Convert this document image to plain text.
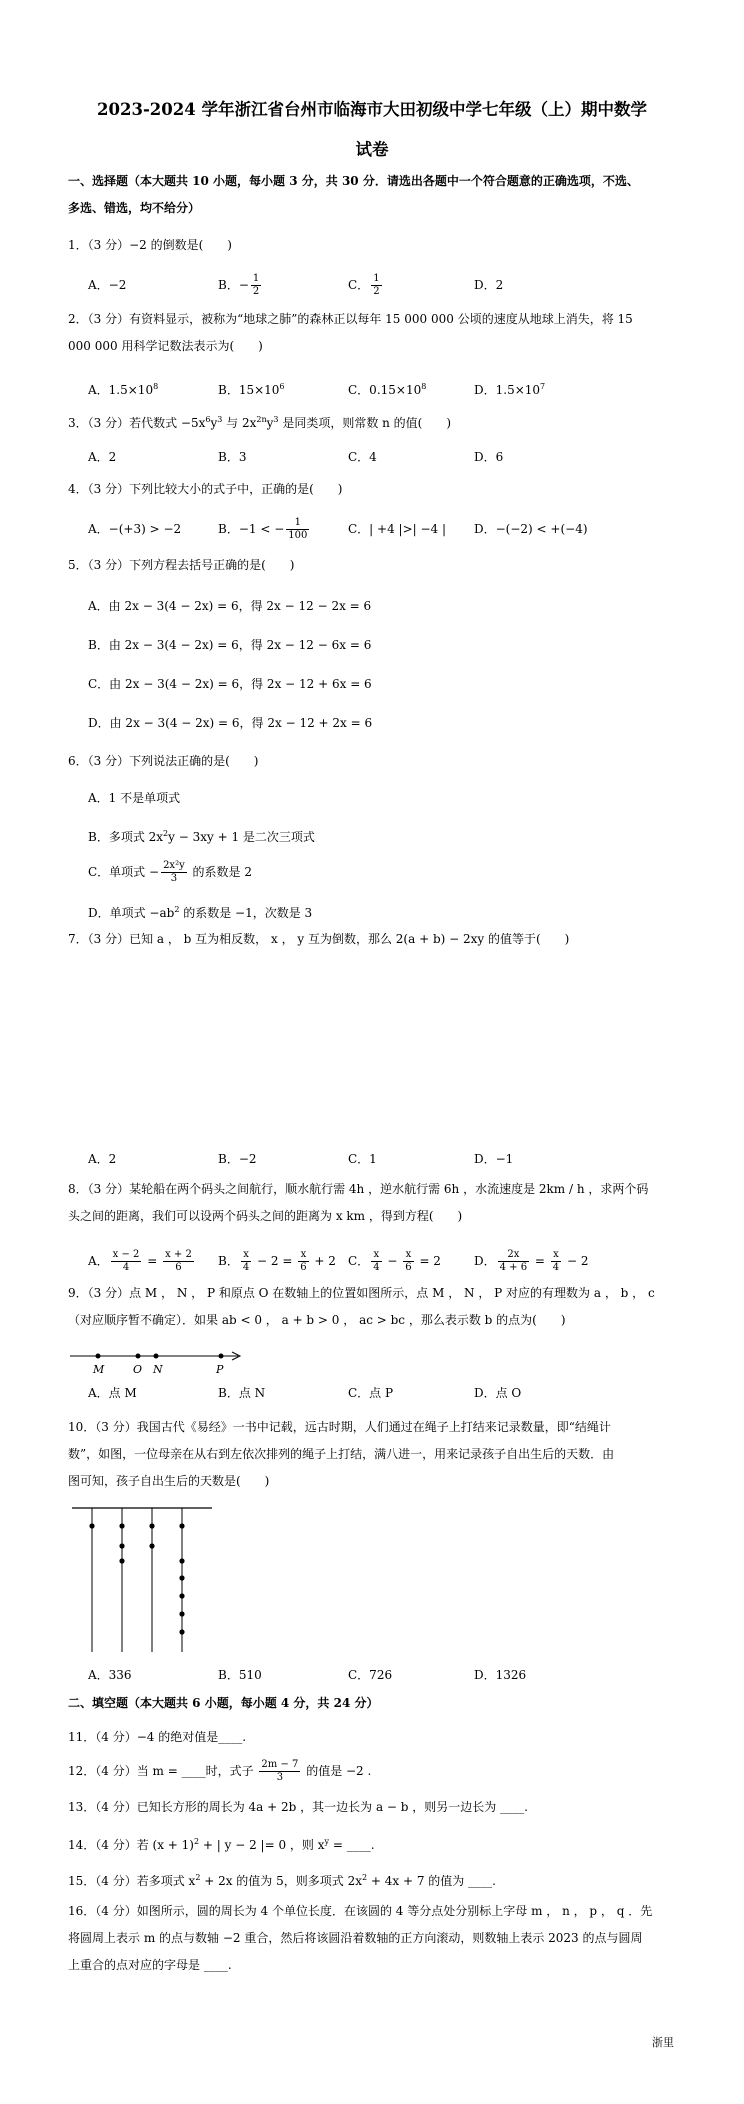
2023-2024 学年浙江省台州市临海市大田初级中学七年级（上）期中数学
试卷
一、选择题（本大题共 10 小题，每小题 3 分，共 30 分．请选出各题中一个符合题意的正确选项，不选、
多选、错选，均不给分）
1．（3 分）−2 的倒数是(　　)
A．−2	B．− $\frac{1}{2}$	C． $\frac{1}{2}$	D．2
2．（3 分）有资料显示，被称为“地球之肺”的森林正以每年 15 000 000 公顷的速度从地球上消失，将 15
000 000 用科学记数法表示为(　　)
A．$1.5\times 10^8$	B．$15\times 10^6$	C．$0.15\times 10^8$	D．$1.5\times 10^7$
3．（3 分）若代数式 $-5x^6y^3$ 与 $2x^{2n}y^3$ 是同类项，则常数 n 的值(　　)
A．2	B．3	C．4	D．6
4．（3 分）下列比较大小的式子中，正确的是(　　)
A．−(+3) > −2	B．−1 < − $\frac{1}{100}$	C．| +4 |>| −4 | D．−(−2) < +(−4)
5．（3 分）下列方程去括号正确的是(　　)
A．由 2x − 3(4 − 2x) = 6，得 2x − 12 − 2x = 6
B．由 2x − 3(4 − 2x) = 6，得 2x − 12 − 6x = 6
C．由 2x − 3(4 − 2x) = 6，得 2x − 12 + 6x = 6
D．由 2x − 3(4 − 2x) = 6，得 2x − 12 + 2x = 6
6．（3 分）下列说法正确的是(　　)
A．1 不是单项式
B．多项式 $2x^2y - 3xy + 1$ 是二次三项式
C．单项式 − $\frac{\text{2x²y}}{3}$ 的系数是 2
D．单项式 $-ab^2$ 的系数是 −1，次数是 3
7．（3 分）已知 a ， b 互为相反数， x ， y 互为倒数，那么 2(a + b) − 2xy 的值等于(　　)
A．2	B．−2	C．1	D．−1
8．（3 分）某轮船在两个码头之间航行，顺水航行需 4h ，逆水航行需 6h ，水流速度是 2km / h ，求两个码
头之间的距离，我们可以设两个码头之间的距离为 x km ，得到方程(　　)
A． $\frac{x - 2}{4} = \frac{x + 2}{6}$ B． $\frac{x}{4} - 2 = \frac{x}{6} + 2$ C． $\frac{x}{4} - \frac{x}{6} = 2$	D． $\frac{2x}{4 + 6} = \frac{x}{4} - 2$
9．（3 分）点 M ， N ， P 和原点 O 在数轴上的位置如图所示，点 M ， N ， P 对应的有理数为 a ， b ， c
（对应顺序暂不确定）．如果 ab < 0 ， a + b > 0 ， ac > bc ，那么表示数 b 的点为(　　)
M	O N	P
A．点 M	B．点 N	C．点 P	D．点 O
10．（3 分）我国古代《易经》一书中记载，远古时期，人们通过在绳子上打结来记录数量，即“结绳计
数”，如图，一位母亲在从右到左依次排列的绳子上打结，满八进一，用来记录孩子自出生后的天数．由
图可知，孩子自出生后的天数是(　　)
A．336	B．510	C．726	D．1326
二、填空题（本大题共 6 小题，每小题 4 分，共 24 分）
11．（4 分）−4 的绝对值是____.
12．（4 分）当 m = ____时，式子 $\frac{2m - 7}{3}$ 的值是 −2 .
13．（4 分）已知长方形的周长为 4a + 2b ，其一边长为 a − b ，则另一边长为 ____.
14．（4 分）若 $(x + 1)^2$ + | y − 2 |= 0 ，则 $x^y$ = ____.
15．（4 分）若多项式 $x^2 + 2x$ 的值为 5，则多项式 $2x^2 + 4x + 7$ 的值为 ____.
16．（4 分）如图所示，圆的周长为 4 个单位长度．在该圆的 4 等分点处分别标上字母 m ， n ， p ， q ．先
将圆周上表示 m 的点与数轴 −2 重合，然后将该圆沿着数轴的正方向滚动，则数轴上表示 2023 的点与圆周
上重合的点对应的字母是 ____.
浙里
